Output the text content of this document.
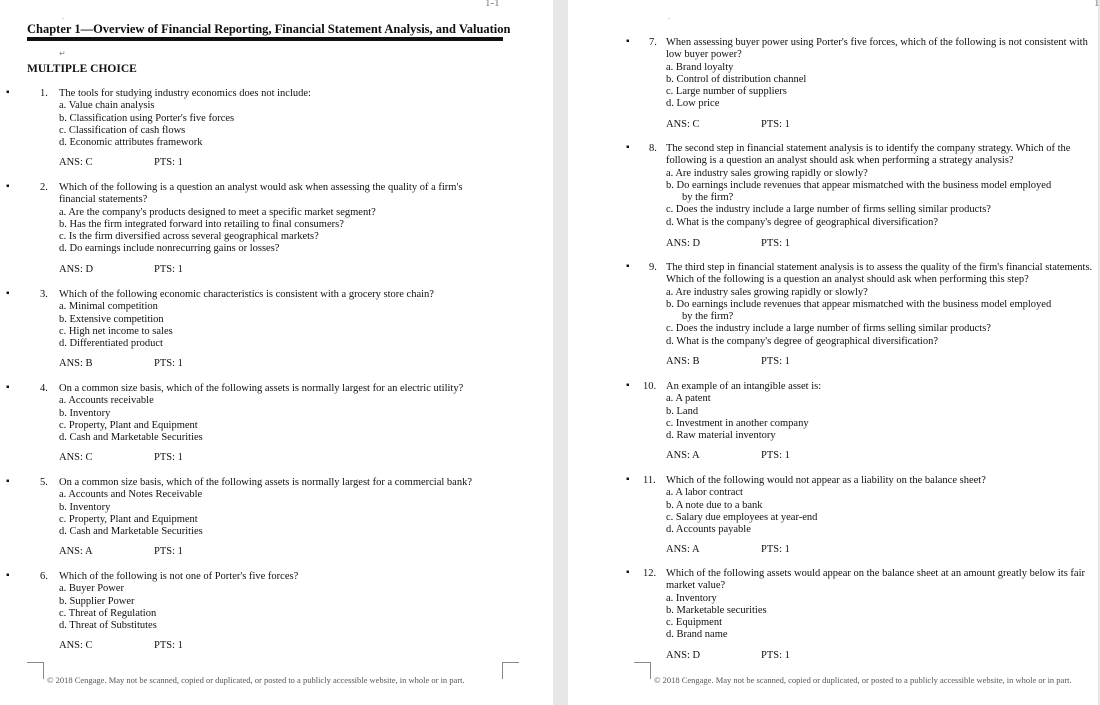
1-1
.
Chapter 1—Overview of Financial Reporting, Financial Statement Analysis, and Valuation
↵
MULTIPLE CHOICE
▪	1. The tools for studying industry economics does not include:
a. Value chain analysis
b. Classification using Porter's five forces
c. Classification of cash flows
d. Economic attributes framework
ANS: C	PTS: 1
▪	2. Which of the following is a question an analyst would ask when assessing the quality of a firm's
financial statements?
a. Are the company's products designed to meet a specific market segment?
b. Has the firm integrated forward into retailing to final consumers?
c. Is the firm diversified across several geographical markets?
d. Do earnings include nonrecurring gains or losses?
ANS: D	PTS: 1
▪	3. Which of the following economic characteristics is consistent with a grocery store chain?
a. Minimal competition
b. Extensive competition
c. High net income to sales
d. Differentiated product
ANS: B	PTS: 1
▪	4. On a common size basis, which of the following assets is normally largest for an electric utility?
a. Accounts receivable
b. Inventory
c. Property, Plant and Equipment
d. Cash and Marketable Securities
ANS: C	PTS: 1
▪	5. On a common size basis, which of the following assets is normally largest for a commercial bank?
a. Accounts and Notes Receivable
b. Inventory
c. Property, Plant and Equipment
d. Cash and Marketable Securities
ANS: A	PTS: 1
▪	6. Which of the following is not one of Porter's five forces?
a. Buyer Power
b. Supplier Power
c. Threat of Regulation
d. Threat of Substitutes
ANS: C	PTS: 1
© 2018 Cengage. May not be scanned, copied or duplicated, or posted to a publicly accessible website, in whole or in part.
1
.
▪ 7. When assessing buyer power using Porter's five forces, which of the following is not consistent with
low buyer power?
a. Brand loyalty
b. Control of distribution channel
c. Large number of suppliers
d. Low price
ANS: C	PTS: 1
▪ 8. The second step in financial statement analysis is to identify the company strategy. Which of the
following is a question an analyst should ask when performing a strategy analysis?
a. Are industry sales growing rapidly or slowly?
b. Do earnings include revenues that appear mismatched with the business model employed
by the firm?
c. Does the industry include a large number of firms selling similar products?
d. What is the company's degree of geographical diversification?
ANS: D	PTS: 1
▪ 9. The third step in financial statement analysis is to assess the quality of the firm's financial statements.
Which of the following is a question an analyst should ask when performing this step?
a. Are industry sales growing rapidly or slowly?
b. Do earnings include revenues that appear mismatched with the business model employed
by the firm?
c. Does the industry include a large number of firms selling similar products?
d. What is the company's degree of geographical diversification?
ANS: B	PTS: 1
▪ 10. An example of an intangible asset is:
a. A patent
b. Land
c. Investment in another company
d. Raw material inventory
ANS: A	PTS: 1
▪ 11. Which of the following would not appear as a liability on the balance sheet?
a. A labor contract
b. A note due to a bank
c. Salary due employees at year-end
d. Accounts payable
ANS: A	PTS: 1
▪ 12. Which of the following assets would appear on the balance sheet at an amount greatly below its fair
market value?
a. Inventory
b. Marketable securities
c. Equipment
d. Brand name
ANS: D	PTS: 1
© 2018 Cengage. May not be scanned, copied or duplicated, or posted to a publicly accessible website, in whole or in part.
